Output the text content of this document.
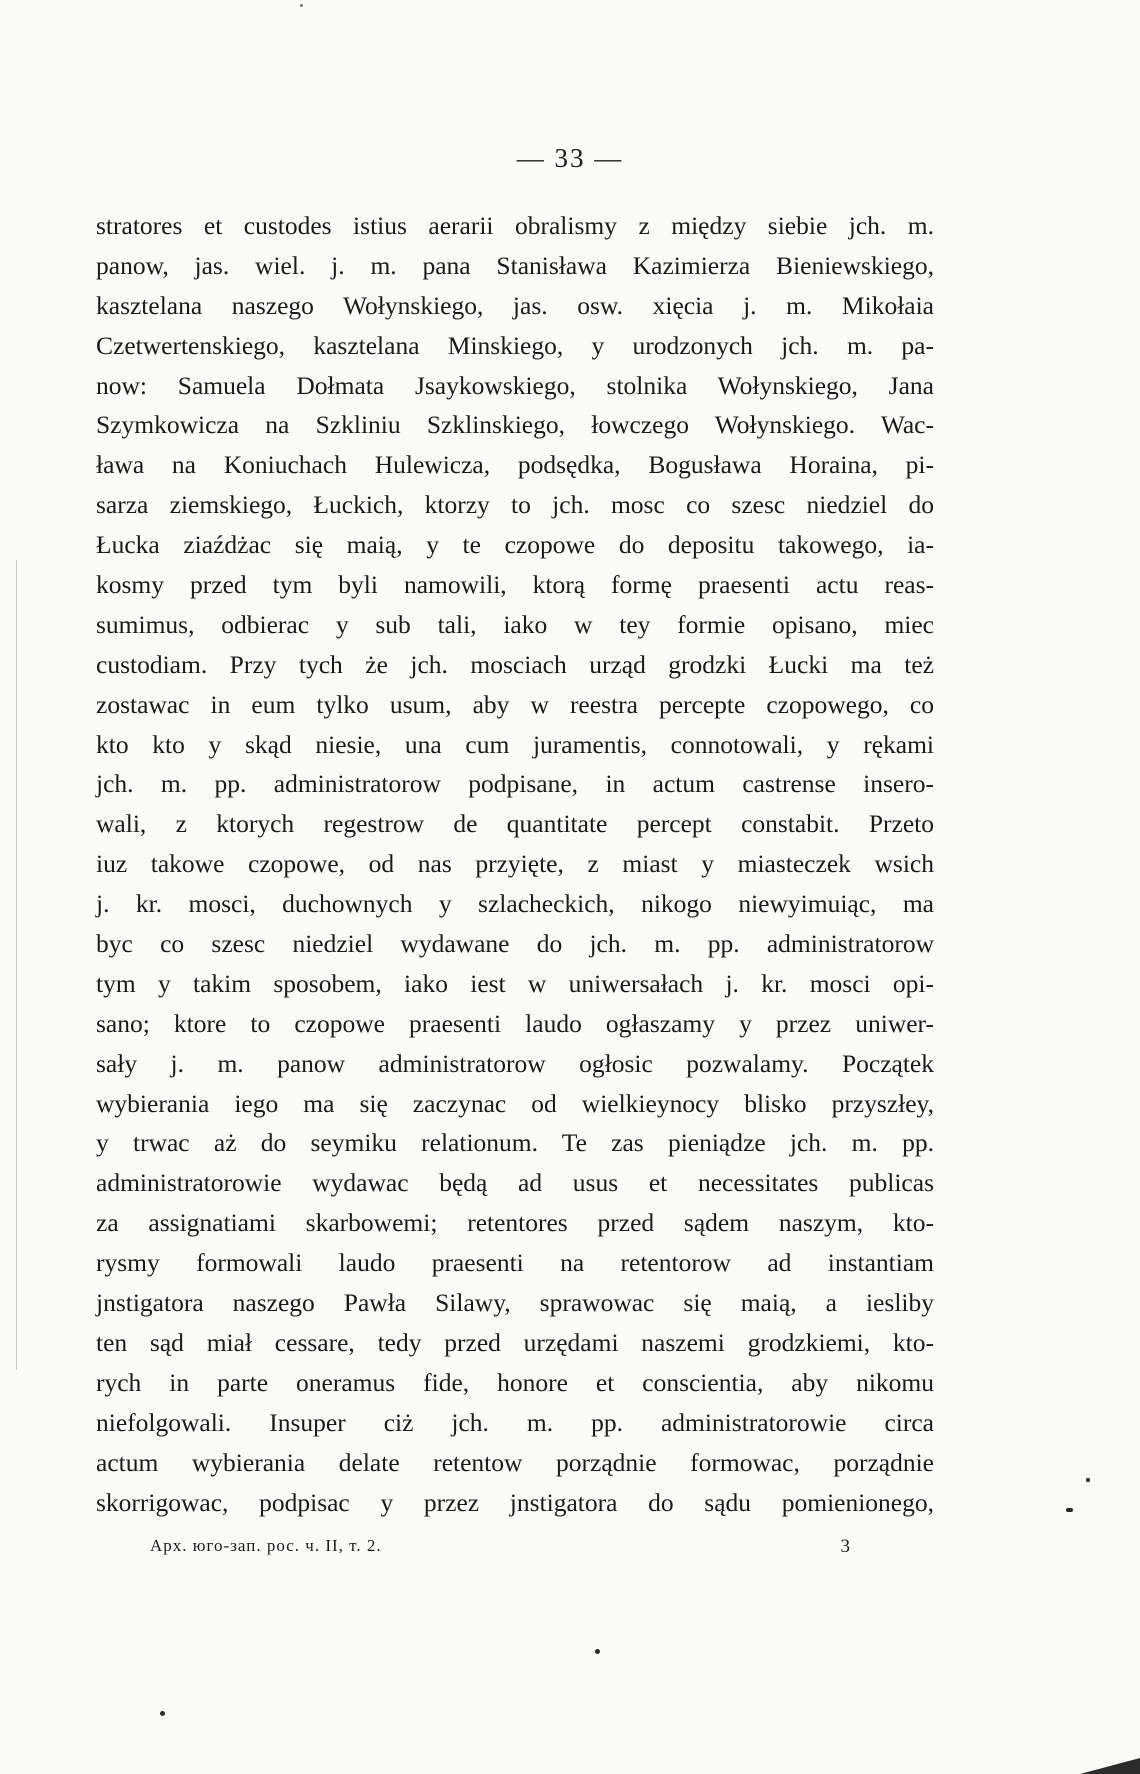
— 33 —
stratores et custodes istius aerarii obralismy z między siebie jch. m.
panow, jas. wiel. j. m. pana Stanisława Kazimierza Bieniewskiego,
kasztelana naszego Wołynskiego, jas. osw. xięcia j. m. Mikołaia
Czetwertenskiego, kasztelana Minskiego, y urodzonych jch. m. pa-
now: Samuela Dołmata Jsaykowskiego, stolnika Wołynskiego, Jana
Szymkowicza na Szkliniu Szklinskiego, łowczego Wołynskiego. Wac-
ława na Koniuchach Hulewicza, podsędka, Bogusława Horaina, pi-
sarza ziemskiego, Łuckich, ktorzy to jch. mosc co szesc niedziel do
Łucka ziaźdżac się maią, y te czopowe do depositu takowego, ia-
kosmy przed tym byli namowili, ktorą formę praesenti actu reas-
sumimus, odbierac y sub tali, iako w tey formie opisano, miec
custodiam. Przy tych że jch. mosciach urząd grodzki Łucki ma też
zostawac in eum tylko usum, aby w reestra percepte czopowego, co
kto kto y skąd niesie, una cum juramentis, connotowali, y rękami
jch. m. pp. administratorow podpisane, in actum castrense insero-
wali, z ktorych regestrow de quantitate percept constabit. Przeto
iuz takowe czopowe, od nas przyięte, z miast y miasteczek wsich
j. kr. mosci, duchownych y szlacheckich, nikogo niewyimuiąc, ma
byc co szesc niedziel wydawane do jch. m. pp. administratorow
tym y takim sposobem, iako iest w uniwersałach j. kr. mosci opi-
sano; ktore to czopowe praesenti laudo ogłaszamy y przez uniwer-
sały j. m. panow administratorow ogłosic pozwalamy. Początek
wybierania iego ma się zaczynac od wielkieynocy blisko przyszłey,
y trwac aż do seymiku relationum. Te zas pieniądze jch. m. pp.
administratorowie wydawac będą ad usus et necessitates publicas
za assignatiami skarbowemi; retentores przed sądem naszym, kto-
rysmy formowali laudo praesenti na retentorow ad instantiam
jnstigatora naszego Pawła Silawy, sprawowac się maią, a iesliby
ten sąd miał cessare, tedy przed urzędami naszemi grodzkiemi, kto-
rych in parte oneramus fide, honore et conscientia, aby nikomu
niefolgowali. Insuper ciż jch. m. pp. administratorowie circa
actum wybierania delate retentow porządnie formowac, porządnie
skorrigowac, podpisac y przez jnstigatora do sądu pomienionego,
Арх. юго-зап. рос. ч. II, т. 2.	3
